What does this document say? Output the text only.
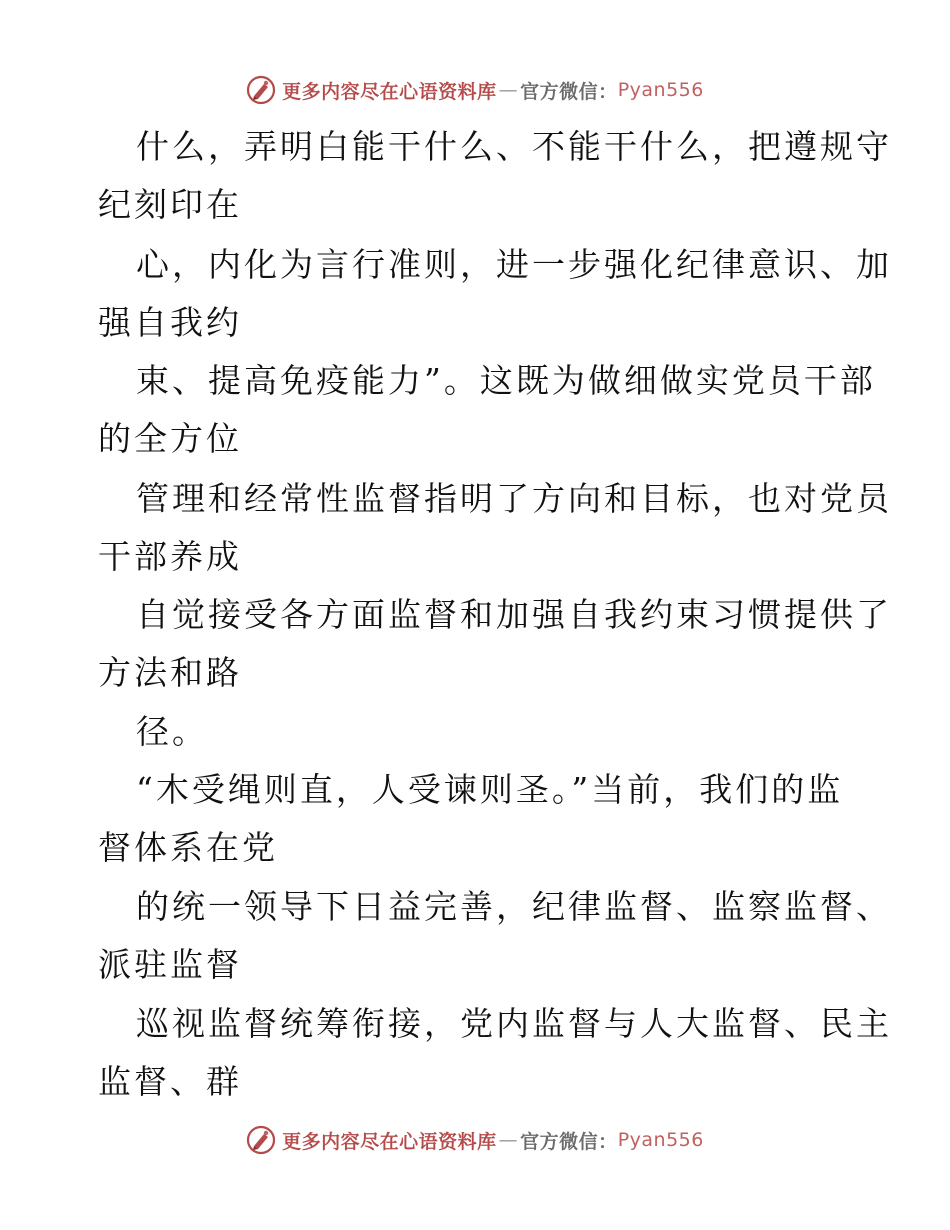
更多内容尽在心语资料库 — 官方微信： Pyan556
什么，弄明白能干什么、不能干什么，把遵规守
纪刻印在
心，内化为言行准则，进一步强化纪律意识、加
强自我约
束、提高免疫能力”。这既为做细做实党员干部
的全方位
管理和经常性监督指明了方向和目标，也对党员
干部养成
自觉接受各方面监督和加强自我约束习惯提供了
方法和路
径。
“木受绳则直，人受谏则圣。”当前，我们的监
督体系在党
的统一领导下日益完善，纪律监督、监察监督、
派驻监督
巡视监督统筹衔接，党内监督与人大监督、民主
监督、群
更多内容尽在心语资料库 — 官方微信： Pyan556
